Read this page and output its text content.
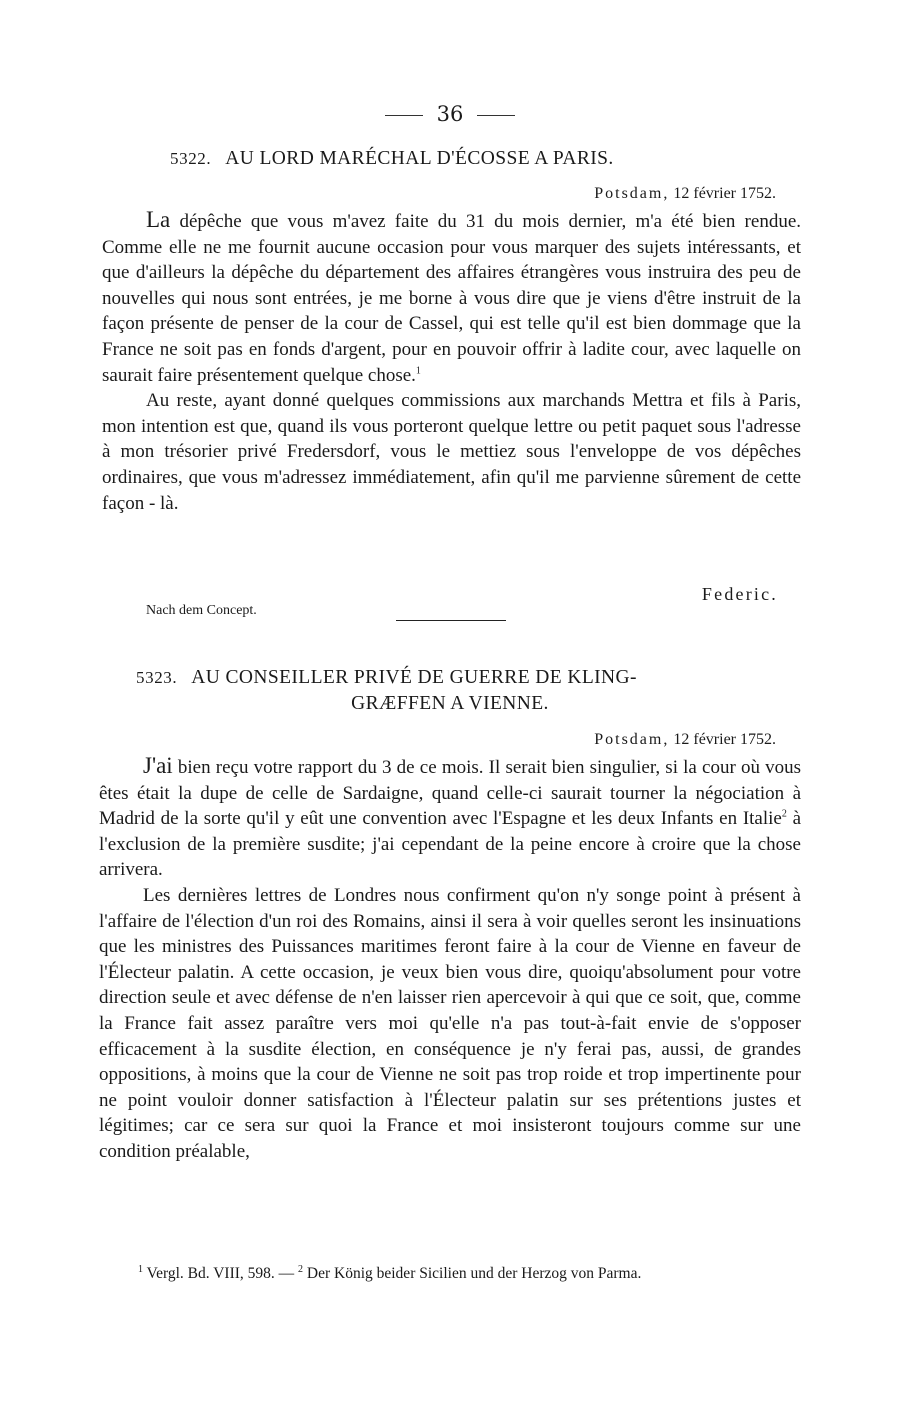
36
5322. AU LORD MARÉCHAL D'ÉCOSSE A PARIS.
Potsdam, 12 février 1752.

La dépêche que vous m'avez faite du 31 du mois dernier, m'a été bien rendue. Comme elle ne me fournit aucune occasion pour vous marquer des sujets intéressants, et que d'ailleurs la dépêche du département des affaires étrangères vous instruira des peu de nouvelles qui nous sont entrées, je me borne à vous dire que je viens d'être instruit de la façon présente de penser de la cour de Cassel, qui est telle qu'il est bien dommage que la France ne soit pas en fonds d'argent, pour en pouvoir offrir à ladite cour, avec laquelle on saurait faire présentement quelque chose.$^1$

Au reste, ayant donné quelques commissions aux marchands Mettra et fils à Paris, mon intention est que, quand ils vous porteront quelque lettre ou petit paquet sous l'adresse à mon trésorier privé Fredersdorf, vous le mettiez sous l'enveloppe de vos dépêches ordinaires, que vous m'adressez immédiatement, afin qu'il me parvienne sûrement de cette façon - là.

Federic.
Nach dem Concept.
5323. AU CONSEILLER PRIVÉ DE GUERRE DE KLING-
GRÆFFEN A VIENNE.
Potsdam, 12 février 1752.

J'ai bien reçu votre rapport du 3 de ce mois. Il serait bien singulier, si la cour où vous êtes était la dupe de celle de Sardaigne, quand celle-ci saurait tourner la négociation à Madrid de la sorte qu'il y eût une convention avec l'Espagne et les deux Infants en Italie$^2$ à l'exclusion de la première susdite; j'ai cependant de la peine encore à croire que la chose arrivera.

Les dernières lettres de Londres nous confirment qu'on n'y songe point à présent à l'affaire de l'élection d'un roi des Romains, ainsi il sera à voir quelles seront les insinuations que les ministres des Puissances maritimes feront faire à la cour de Vienne en faveur de l'Électeur palatin. A cette occasion, je veux bien vous dire, quoiqu'absolument pour votre direction seule et avec défense de n'en laisser rien apercevoir à qui que ce soit, que, comme la France fait assez paraître vers moi qu'elle n'a pas tout-à-fait envie de s'opposer efficacement à la susdite élection, en conséquence je n'y ferai pas, aussi, de grandes oppositions, à moins que la cour de Vienne ne soit pas trop roide et trop impertinente pour ne point vouloir donner satisfaction à l'Électeur palatin sur ses prétentions justes et légitimes; car ce sera sur quoi la France et moi insisteront toujours comme sur une condition préalable,

$^1$ Vergl. Bd. VIII, 598. — $^2$ Der König beider Sicilien und der Herzog von Parma.
